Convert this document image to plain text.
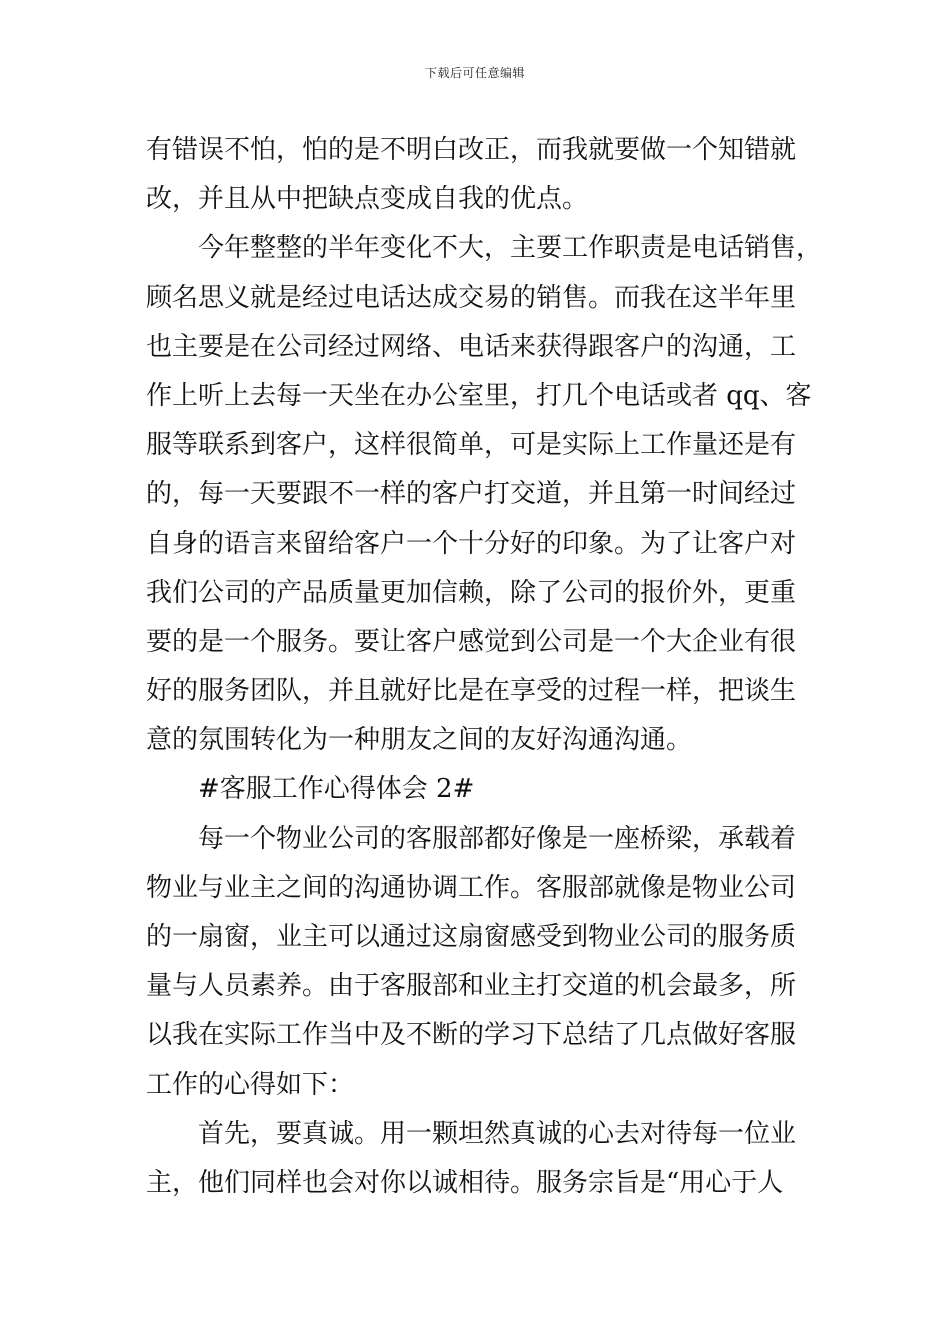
下载后可任意编辑
有错误不怕，怕的是不明白改正，而我就要做一个知错就
改，并且从中把缺点变成自我的优点。
今年整整的半年变化不大，主要工作职责是电话销售，
顾名思义就是经过电话达成交易的销售。而我在这半年里
也主要是在公司经过网络、电话来获得跟客户的沟通，工
作上听上去每一天坐在办公室里，打几个电话或者 qq、客
服等联系到客户，这样很简单，可是实际上工作量还是有
的，每一天要跟不一样的客户打交道，并且第一时间经过
自身的语言来留给客户一个十分好的印象。为了让客户对
我们公司的产品质量更加信赖，除了公司的报价外，更重
要的是一个服务。要让客户感觉到公司是一个大企业有很
好的服务团队，并且就好比是在享受的过程一样，把谈生
意的氛围转化为一种朋友之间的友好沟通沟通。
#客服工作心得体会 2#
每一个物业公司的客服部都好像是一座桥梁，承载着
物业与业主之间的沟通协调工作。客服部就像是物业公司
的一扇窗，业主可以通过这扇窗感受到物业公司的服务质
量与人员素养。由于客服部和业主打交道的机会最多，所
以我在实际工作当中及不断的学习下总结了几点做好客服
工作的心得如下：
首先，要真诚。用一颗坦然真诚的心去对待每一位业
主，他们同样也会对你以诚相待。服务宗旨是“用心于人
